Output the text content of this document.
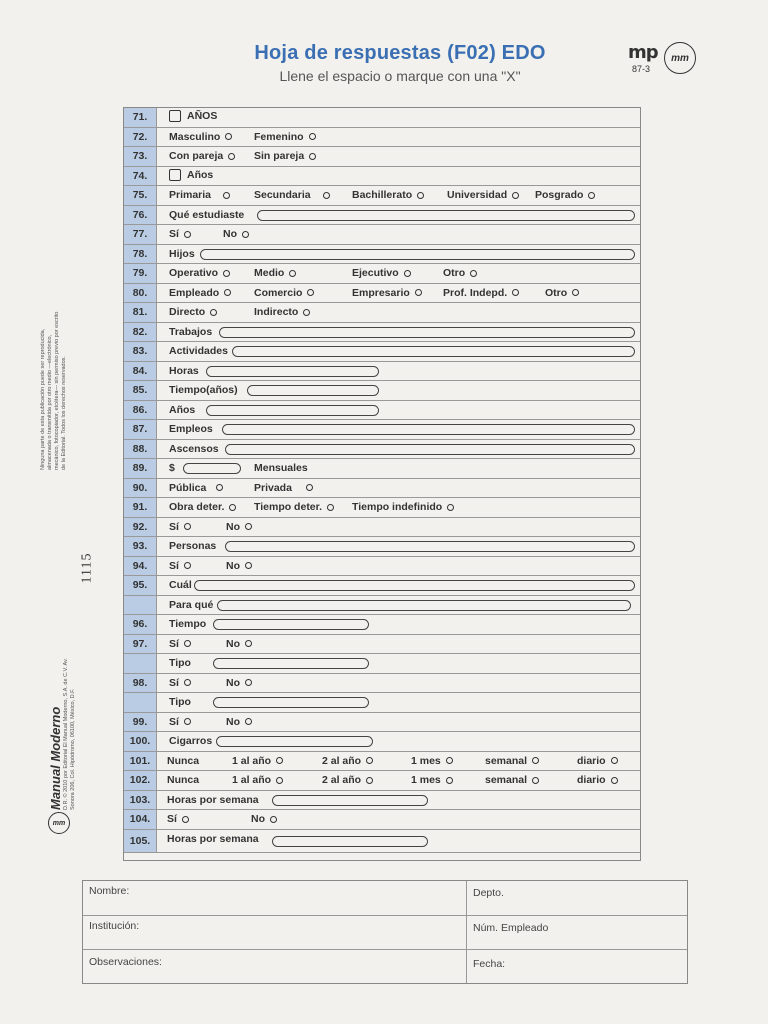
Hoja de respuestas (F02) EDO
Llene el espacio o marque con una "X"
mp
87-3
mm
Ninguna parte de esta publicación puede ser reproducida, almacenada o transmitida por otro medio —electrónico, mecánico, fotocopiador, etcétera— sin permiso previo por escrito de la Editorial. Todos los derechos reservados.
1115
Manual Moderno D.R. © 2010 por Editorial El Manual Moderno, S.A. de C.V. Av. Sonora 206, Col. Hipódromo, 06100, México, D.F.
mm
71.	AÑOS
72.	Masculino	Femenino
73.	Con pareja	Sin pareja
74.	Años
75.	Primaria	Secundaria	Bachillerato	Universidad	Posgrado
76.	Qué estudiaste
77.	Sí	No
78.	Hijos
79.	Operativo	Medio	Ejecutivo	Otro
80.	Empleado	Comercio	Empresario	Prof. Indepd.	Otro
81.	Directo	Indirecto
82.	Trabajos
83.	Actividades
84.	Horas
85.	Tiempo(años)
86.	Años
87.	Empleos
88.	Ascensos
89.	$	Mensuales
90.	Pública	Privada
91.	Obra deter.	Tiempo deter.	Tiempo indefinido
92.	Sí	No
93.	Personas
94.	Sí	No
95.	Cuál
Para qué
96.	Tiempo
97.	Sí	No
Tipo
98.	Sí	No
Tipo
99.	Sí	No
100.	Cigarros
101.	Nunca	1 al año	2 al año	1 mes	semanal	diario
102.	Nunca	1 al año	2 al año	1 mes	semanal	diario
103.	Horas por semana
104.	Sí	No
105.	Horas por semana
Nombre:	Depto.
Institución:	Núm. Empleado
Observaciones:	Fecha:
